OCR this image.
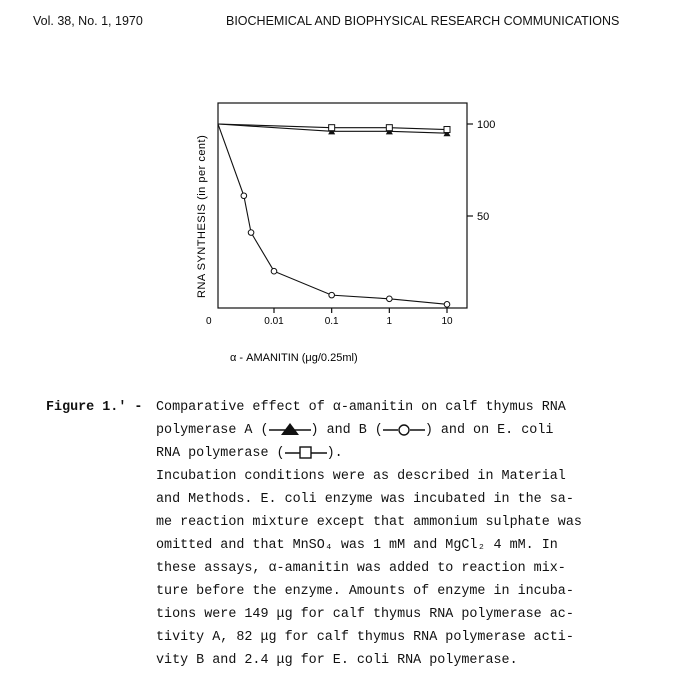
Vol. 38, No. 1, 1970	BIOCHEMICAL AND BIOPHYSICAL RESEARCH COMMUNICATIONS
50
100
0	0.01	0.1	1	10
RNA SYNTHESIS (in per cent)
α - AMANITIN (μg/0.25ml)
Figure 1.' - Comparative effect of α-amanitin on calf thymus RNA
polymerase A (	) and B (	) and on E. coli
RNA polymerase (	).
Incubation conditions were as described in Material
and Methods. E. coli enzyme was incubated in the sa-
me reaction mixture except that ammonium sulphate was
omitted and that MnSO₄ was 1 mM and MgCl₂ 4 mM. In
these assays, α-amanitin was added to reaction mix-
ture before the enzyme. Amounts of enzyme in incuba-
tions were 149 μg for calf thymus RNA polymerase ac-
tivity A, 82 μg for calf thymus RNA polymerase acti-
vity B and 2.4 μg for E. coli RNA polymerase.
